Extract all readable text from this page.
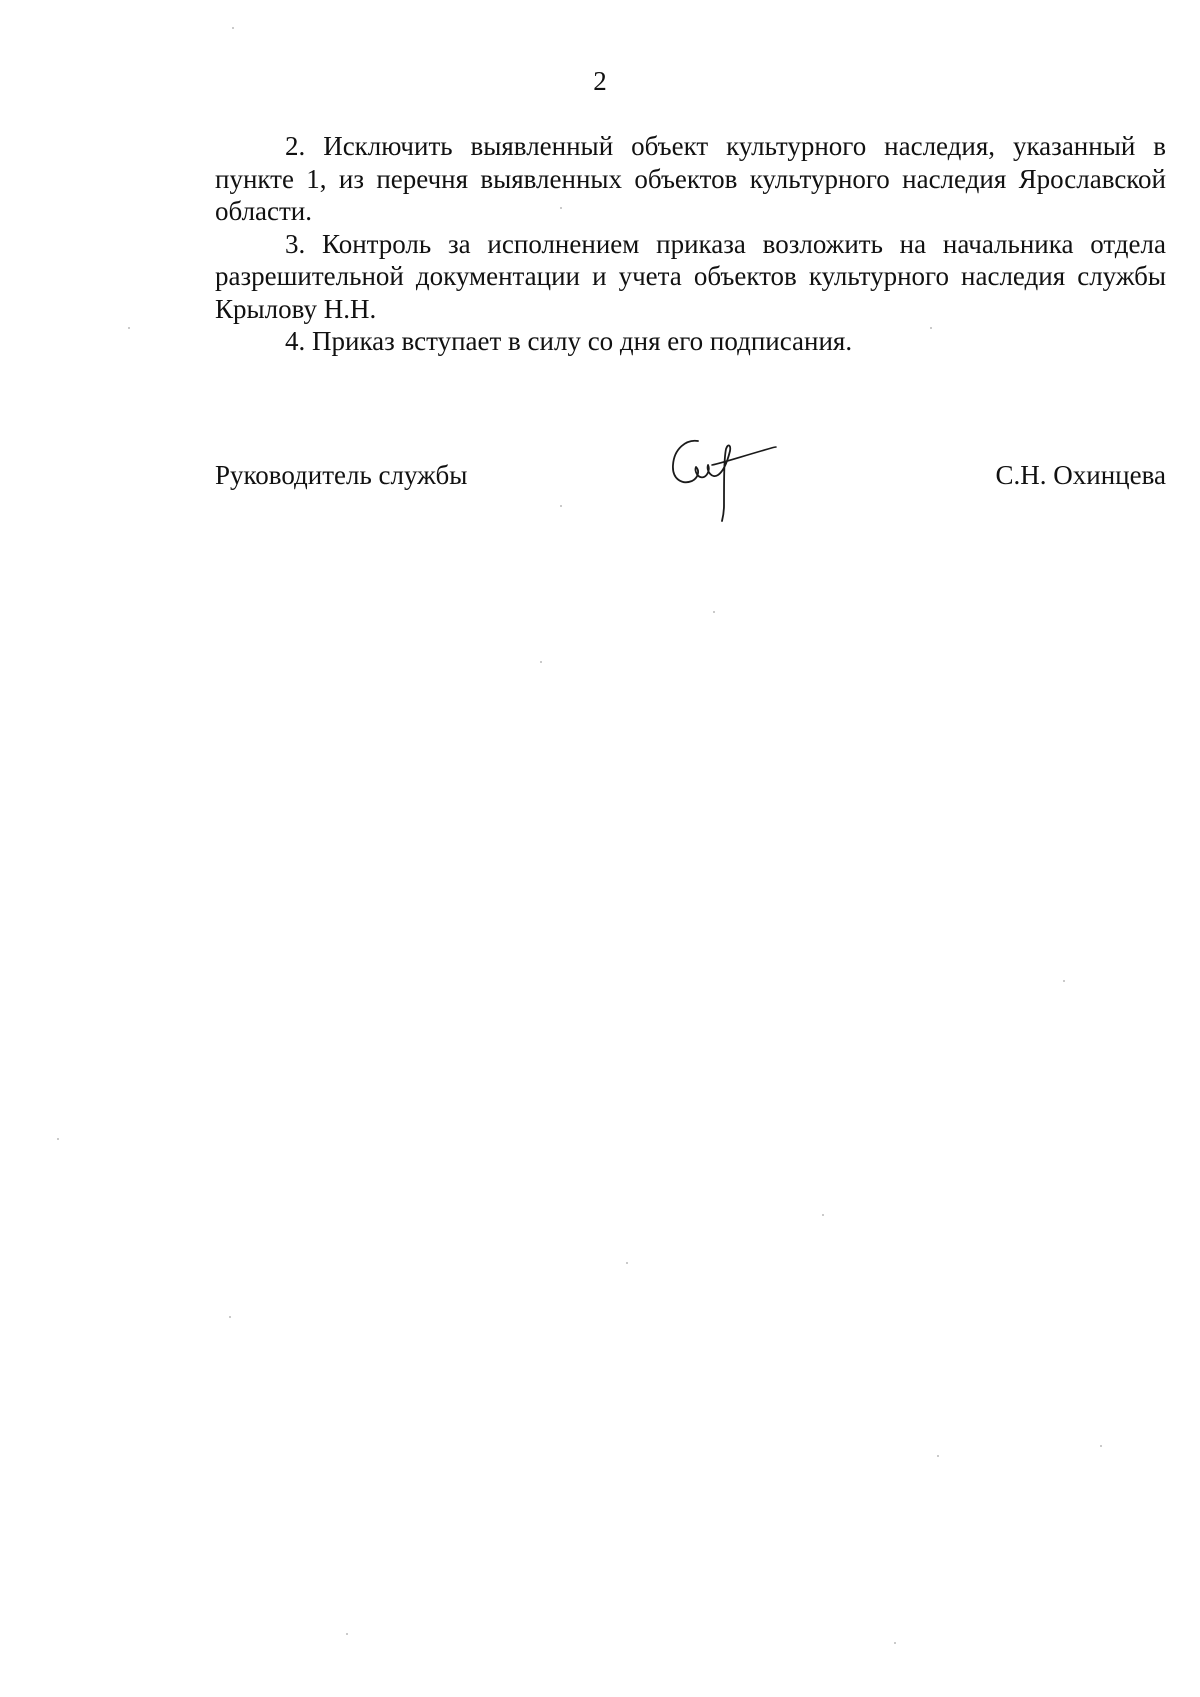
2

2. Исключить выявленный объект культурного наследия, указанный в пункте 1, из перечня выявленных объектов культурного наследия Ярославской области.

3. Контроль за исполнением приказа возложить на начальника отдела разрешительной документации и учета объектов культурного наследия службы Крылову Н.Н.

4. Приказ вступает в силу со дня его подписания.

Руководитель службы	С.Н. Охинцева
